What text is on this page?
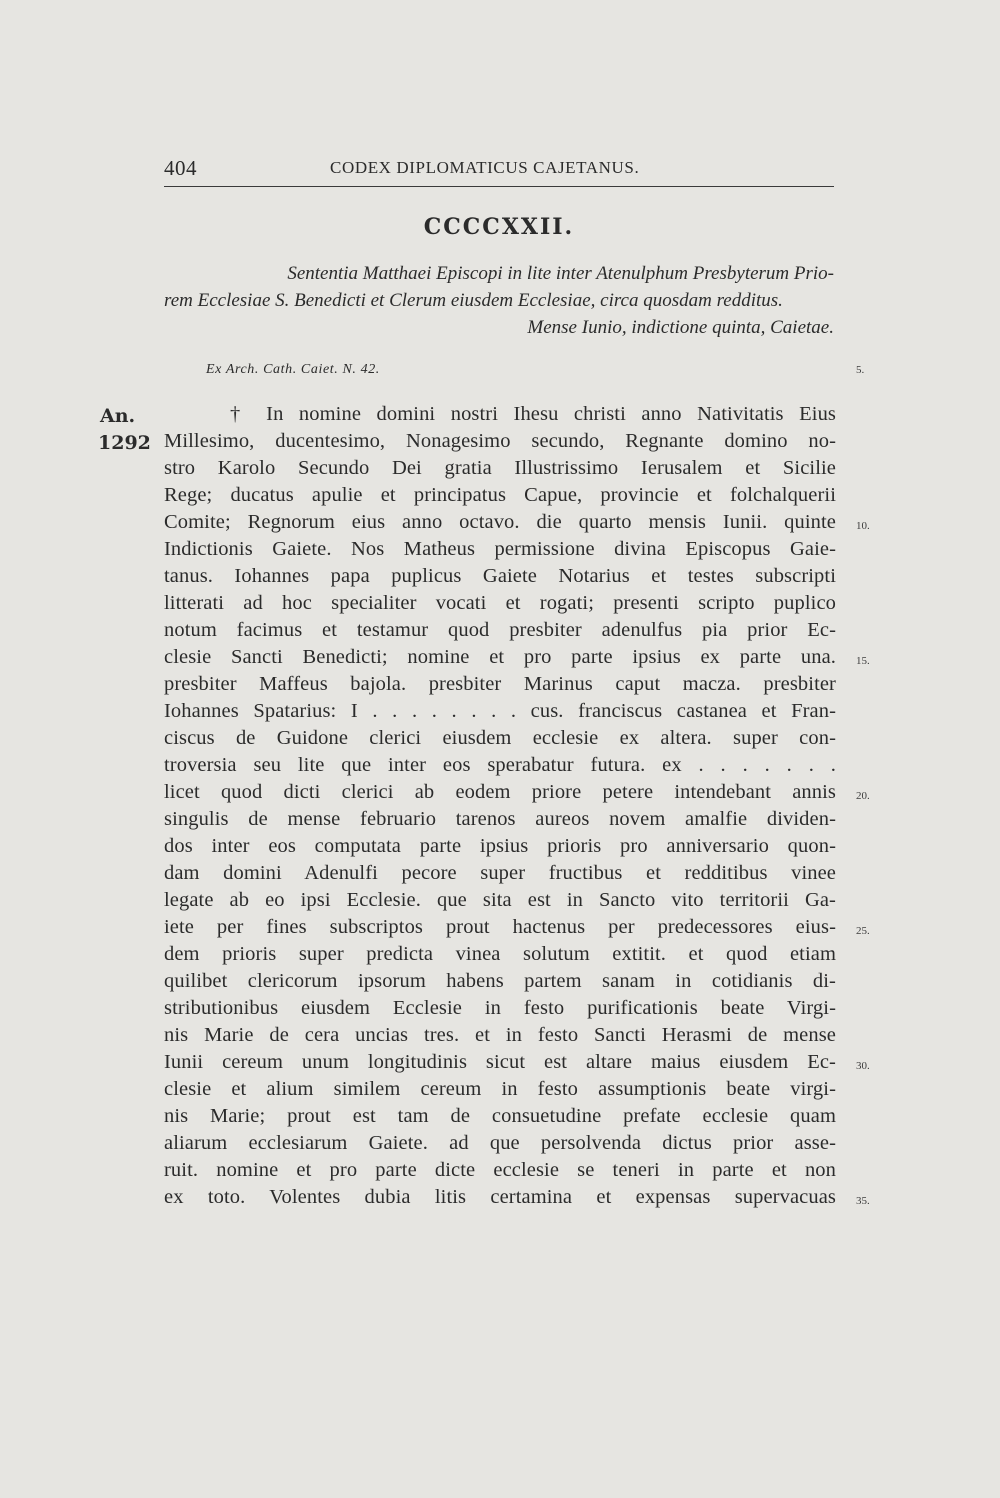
404	CODEX DIPLOMATICUS CAJETANUS.
CCCCXXII.
Sententia Matthaei Episcopi in lite inter Atenulphum Presbyterum Prio-
rem Ecclesiae S. Benedicti et Clerum eiusdem Ecclesiae, circa quosdam redditus.
Mense Iunio, indictione quinta, Caietae.
Ex Arch. Cath. Caiet. N. 42.	5.
An.
1292
† In nomine domini nostri Ihesu christi anno Nativitatis Eius
Millesimo, ducentesimo, Nonagesimo secundo, Regnante domino no-
stro Karolo Secundo Dei gratia Illustrissimo Ierusalem et Sicilie
Rege; ducatus apulie et principatus Capue, provincie et folchalquerii
Comite; Regnorum eius anno octavo. die quarto mensis Iunii. quinte
Indictionis Gaiete. Nos Matheus permissione divina Episcopus Gaie-
tanus. Iohannes papa puplicus Gaiete Notarius et testes subscripti
litterati ad hoc specialiter vocati et rogati; presenti scripto puplico
notum facimus et testamur quod presbiter adenulfus pia prior Ec-
clesie Sancti Benedicti; nomine et pro parte ipsius ex parte una.
presbiter Maffeus bajola. presbiter Marinus caput macza. presbiter
Iohannes Spatarius: I . . . . . . . . cus. franciscus castanea et Fran-
ciscus de Guidone clerici eiusdem ecclesie ex altera. super con-
troversia seu lite que inter eos sperabatur futura. ex . . . . . . .
licet quod dicti clerici ab eodem priore petere intendebant annis
singulis de mense februario tarenos aureos novem amalfie dividen-
dos inter eos computata parte ipsius prioris pro anniversario quon-
dam domini Adenulfi pecore super fructibus et redditibus vinee
legate ab eo ipsi Ecclesie. que sita est in Sancto vito territorii Ga-
iete per fines subscriptos prout hactenus per predecessores eius-
dem prioris super predicta vinea solutum extitit. et quod etiam
quilibet clericorum ipsorum habens partem sanam in cotidianis di-
stributionibus eiusdem Ecclesie in festo purificationis beate Virgi-
nis Marie de cera uncias tres. et in festo Sancti Herasmi de mense
Iunii cereum unum longitudinis sicut est altare maius eiusdem Ec-
clesie et alium similem cereum in festo assumptionis beate virgi-
nis Marie; prout est tam de consuetudine prefate ecclesie quam
aliarum ecclesiarum Gaiete. ad que persolvenda dictus prior asse-
ruit. nomine et pro parte dicte ecclesie se teneri in parte et non
ex toto. Volentes dubia litis certamina et expensas supervacuas
10.
15.
20.
25.
30.
35.
